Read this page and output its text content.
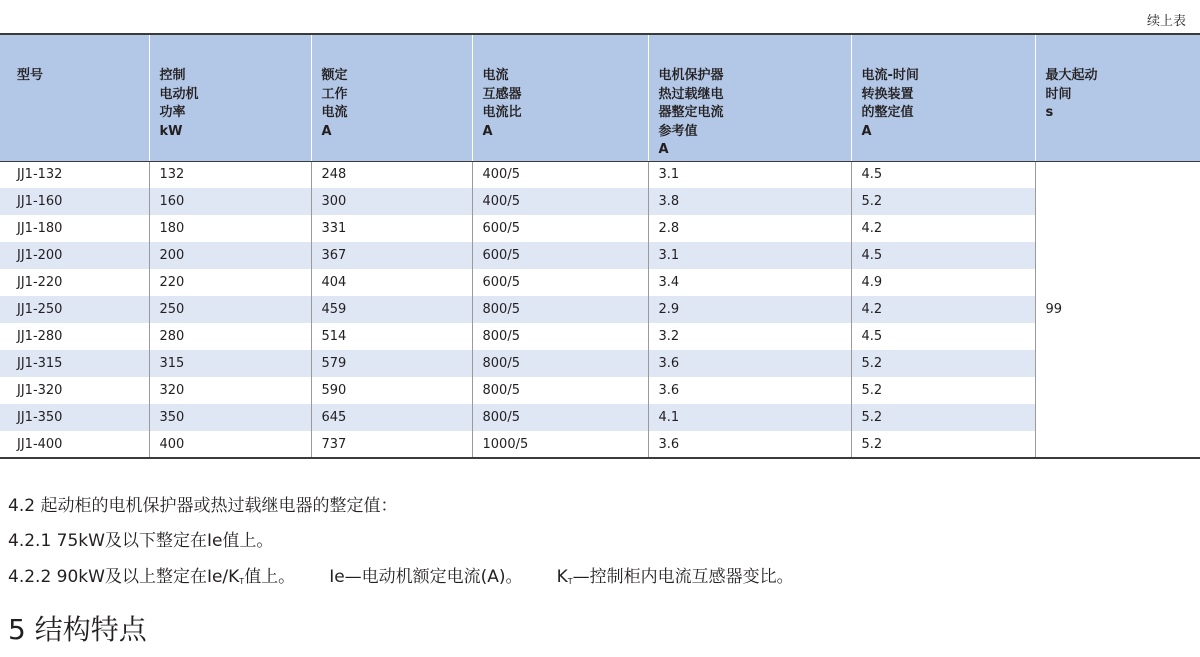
续上表
型号	控制
电动机
功率
kW	额定
工作
电流
A	电流
互感器
电流比
A	电机保护器
热过载继电
器整定电流
参考值
A	电流-时间
转换装置
的整定值
A	最大起动
时间
s

JJ1-132	132	248	400/5	3.1	4.5	99
JJ1-160	160	300	400/5	3.8	5.2	
JJ1-180	180	331	600/5	2.8	4.2	
JJ1-200	200	367	600/5	3.1	4.5	
JJ1-220	220	404	600/5	3.4	4.9	
JJ1-250	250	459	800/5	2.9	4.2	
JJ1-280	280	514	800/5	3.2	4.5	
JJ1-315	315	579	800/5	3.6	5.2	
JJ1-320	320	590	800/5	3.6	5.2	
JJ1-350	350	645	800/5	4.1	5.2	
JJ1-400	400	737	1000/5	3.6	5.2	
4.2 起动柜的电机保护器或热过载继电器的整定值：
4.2.1 75kW及以下整定在Ie值上。
4.2.2 90kW及以上整定在$Ie/K_T$值上。 Ie—电动机额定电流(A)。 $K_T—$控制柜内电流互感器变比。
5 结构特点
